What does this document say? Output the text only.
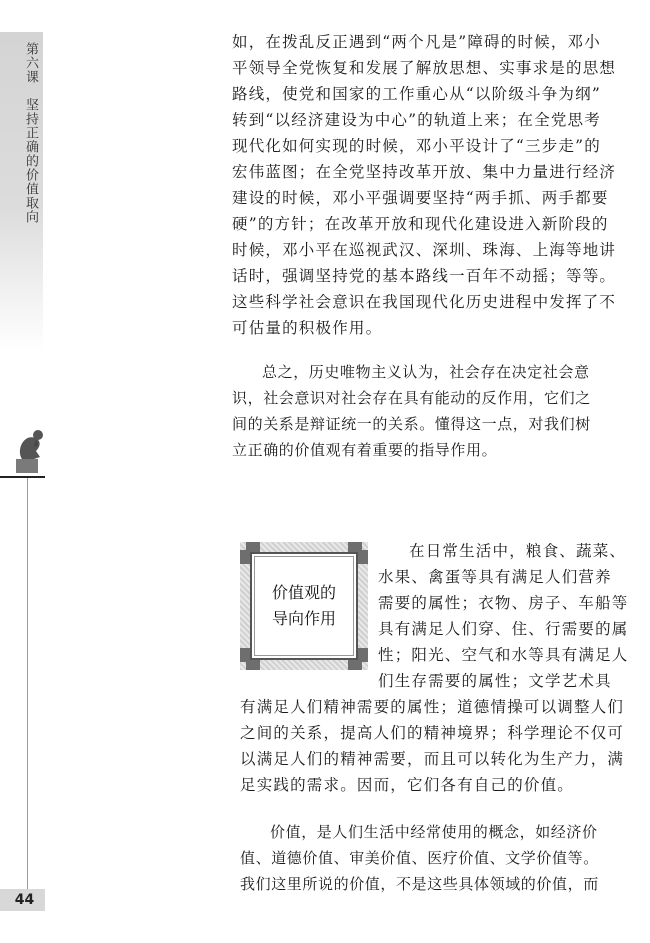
第六课坚持正确的价值取向
44
如，在拨乱反正遇到“两个凡是”障碍的时候，邓小
平领导全党恢复和发展了解放思想、实事求是的思想
路线，使党和国家的工作重心从“以阶级斗争为纲”
转到“以经济建设为中心”的轨道上来；在全党思考
现代化如何实现的时候，邓小平设计了“三步走”的
宏伟蓝图；在全党坚持改革开放、集中力量进行经济
建设的时候，邓小平强调要坚持“两手抓、两手都要
硬”的方针；在改革开放和现代化建设进入新阶段的
时候，邓小平在巡视武汉、深圳、珠海、上海等地讲
话时，强调坚持党的基本路线一百年不动摇；等等。
这些科学社会意识在我国现代化历史进程中发挥了不
可估量的积极作用。
总之，历史唯物主义认为，社会存在决定社会意
识，社会意识对社会存在具有能动的反作用，它们之
间的关系是辩证统一的关系。懂得这一点，对我们树
立正确的价值观有着重要的指导作用。
价值观的
导向作用
在日常生活中，粮食、蔬菜、
水果、禽蛋等具有满足人们营养
需要的属性；衣物、房子、车船等
具有满足人们穿、住、行需要的属
性；阳光、空气和水等具有满足人
们生存需要的属性；文学艺术具
有满足人们精神需要的属性；道德情操可以调整人们
之间的关系，提高人们的精神境界；科学理论不仅可
以满足人们的精神需要，而且可以转化为生产力，满
足实践的需求。因而，它们各有自己的价值。
价值，是人们生活中经常使用的概念，如经济价
值、道德价值、审美价值、医疗价值、文学价值等。
我们这里所说的价值，不是这些具体领域的价值，而
